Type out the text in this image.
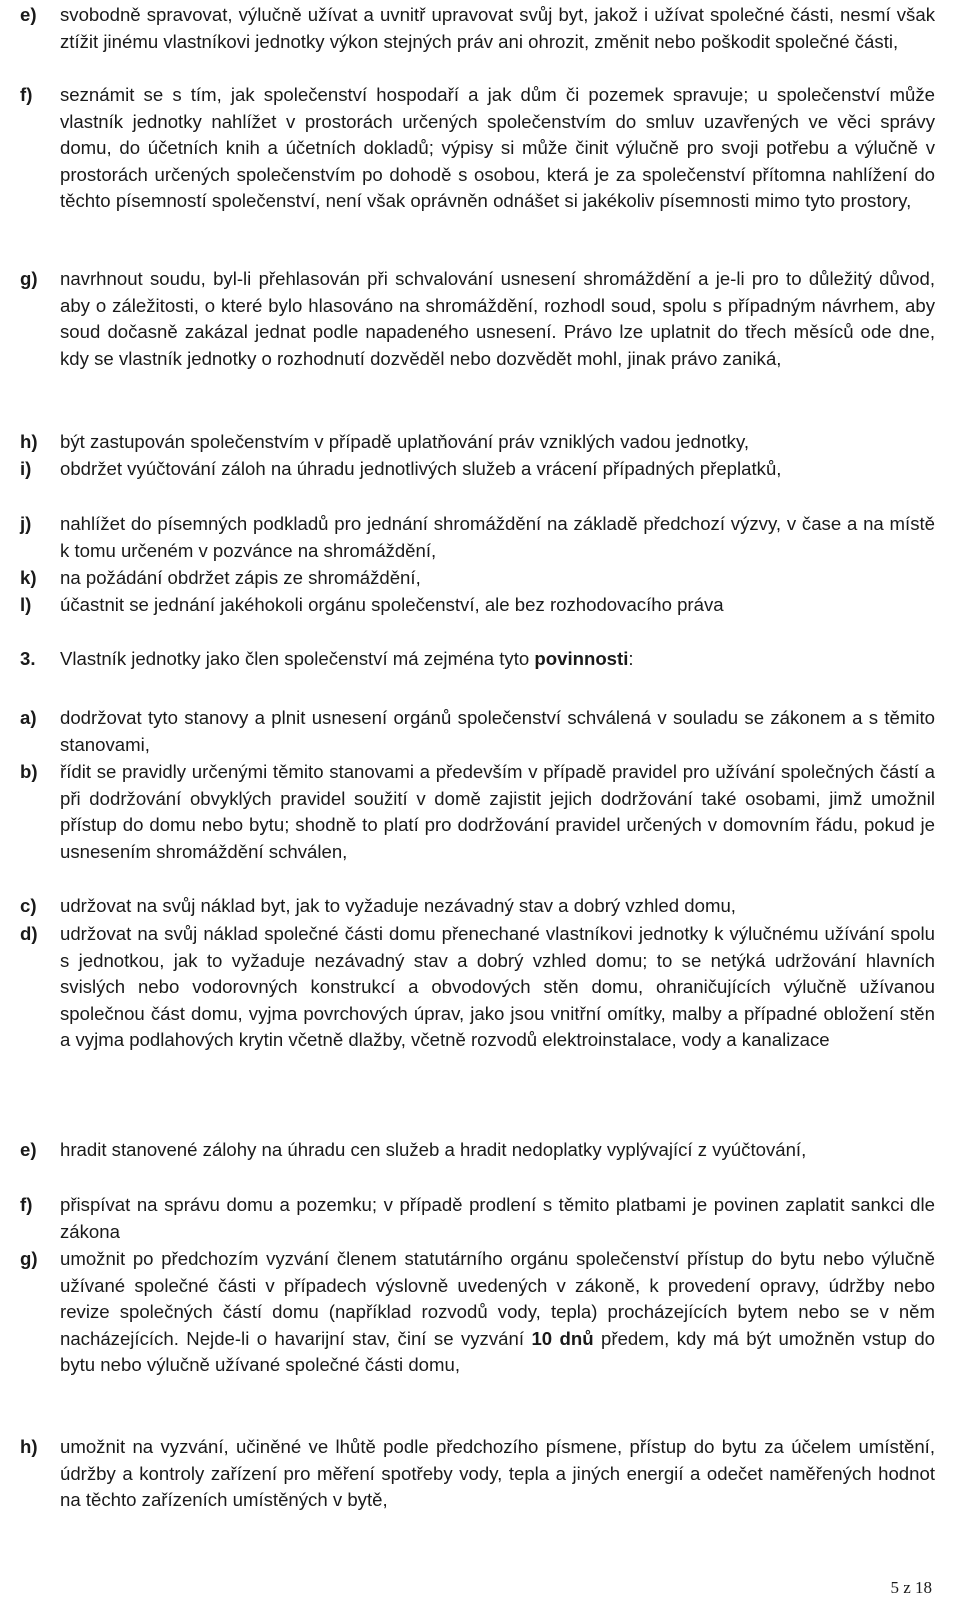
e) svobodně spravovat, výlučně užívat a uvnitř upravovat svůj byt, jakož i užívat společné části, nesmí však ztížit jinému vlastníkovi jednotky výkon stejných práv ani ohrozit, změnit nebo poškodit společné části,
f) seznámit se s tím, jak společenství hospodaří a jak dům či pozemek spravuje; u společenství může vlastník jednotky nahlížet v prostorách určených společenstvím do smluv uzavřených ve věci správy domu, do účetních knih a účetních dokladů; výpisy si může činit výlučně pro svoji potřebu a výlučně v prostorách určených společenstvím po dohodě s osobou, která je za společenství přítomna nahlížení do těchto písemností společenství, není však oprávněn odnášet si jakékoliv písemnosti mimo tyto prostory,
g) navrhnout soudu, byl-li přehlasován při schvalování usnesení shromáždění a je-li pro to důležitý důvod, aby o záležitosti, o které bylo hlasováno na shromáždění, rozhodl soud, spolu s případným návrhem, aby soud dočasně zakázal jednat podle napadeného usnesení. Právo lze uplatnit do třech měsíců ode dne, kdy se vlastník jednotky o rozhodnutí dozvěděl nebo dozvědět mohl, jinak právo zaniká,
h) být zastupován společenstvím v případě uplatňování práv vzniklých vadou jednotky,
i) obdržet vyúčtování záloh na úhradu jednotlivých služeb a vrácení případných přeplatků,
j) nahlížet do písemných podkladů pro jednání shromáždění na základě předchozí výzvy, v čase a na místě k tomu určeném v pozvánce na shromáždění,
k) na požádání obdržet zápis ze shromáždění,
l) účastnit se jednání jakéhokoli orgánu společenství, ale bez rozhodovacího práva
3. Vlastník jednotky jako člen společenství má zejména tyto povinnosti:
a) dodržovat tyto stanovy a plnit usnesení orgánů společenství schválená v souladu se zákonem a s těmito stanovami,
b) řídit se pravidly určenými těmito stanovami a především v případě pravidel pro užívání společných částí a při dodržování obvyklých pravidel soužití v domě zajistit jejich dodržování také osobami, jimž umožnil přístup do domu nebo bytu; shodně to platí pro dodržování pravidel určených v domovním řádu, pokud je usnesením shromáždění schválen,
c) udržovat na svůj náklad byt, jak to vyžaduje nezávadný stav a dobrý vzhled domu,
d) udržovat na svůj náklad společné části domu přenechané vlastníkovi jednotky k výlučnému užívání spolu s jednotkou, jak to vyžaduje nezávadný stav a dobrý vzhled domu; to se netýká udržování hlavních svislých nebo vodorovných konstrukcí a obvodových stěn domu, ohraničujících výlučně užívanou společnou část domu, vyjma povrchových úprav, jako jsou vnitřní omítky, malby a případné obložení stěn a vyjma podlahových krytin včetně dlažby, včetně rozvodů elektroinstalace, vody a kanalizace
e) hradit stanovené zálohy na úhradu cen služeb a hradit nedoplatky vyplývající z vyúčtování,
f) přispívat na správu domu a pozemku; v případě prodlení s těmito platbami je povinen zaplatit sankci dle zákona
g) umožnit po předchozím vyzvání členem statutárního orgánu společenství přístup do bytu nebo výlučně užívané společné části v případech výslovně uvedených v zákoně, k provedení opravy, údržby nebo revize společných částí domu (například rozvodů vody, tepla) procházejících bytem nebo se v něm nacházejících. Nejde-li o havarijní stav, činí se vyzvání 10 dnů předem, kdy má být umožněn vstup do bytu nebo výlučně užívané společné části domu,
h) umožnit na vyzvání, učiněné ve lhůtě podle předchozího písmene, přístup do bytu za účelem umístění, údržby a kontroly zařízení pro měření spotřeby vody, tepla a jiných energií a odečet naměřených hodnot na těchto zařízeních umístěných v bytě,
5 z 18
